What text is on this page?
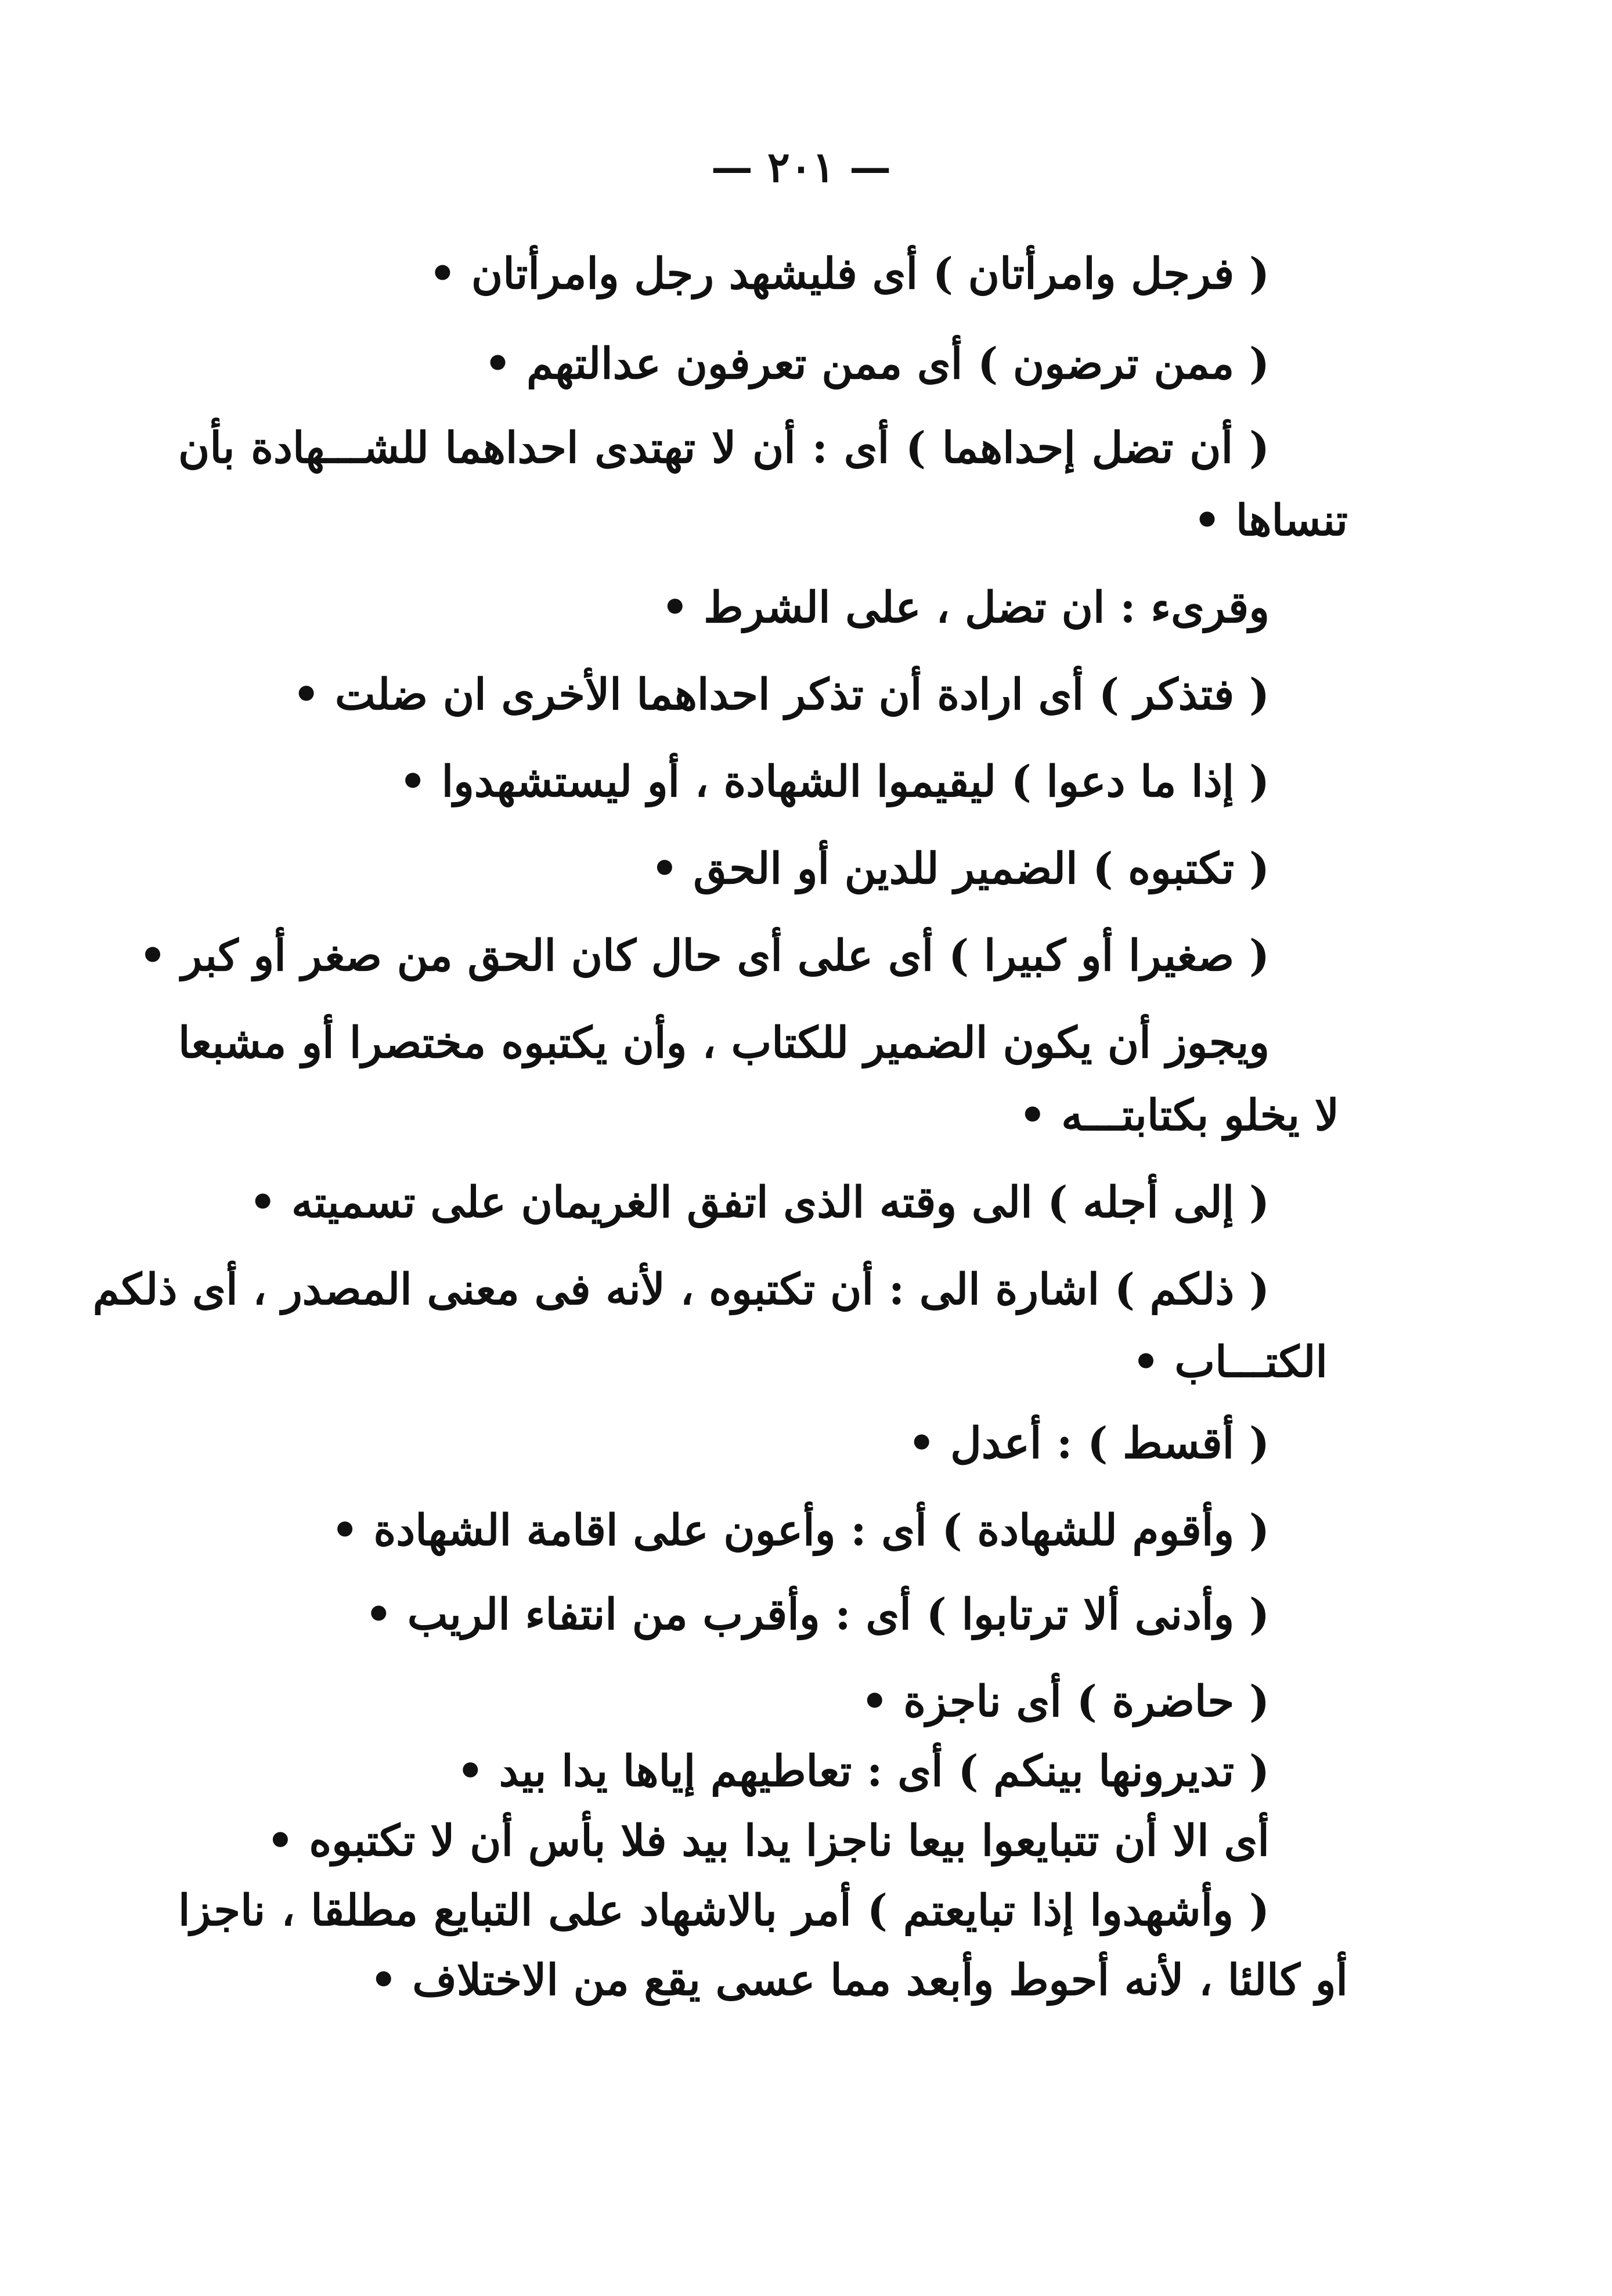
— ٢٠١ —
( فرجل وامرأتان ) أى فليشهد رجل وامرأتان •
( ممن ترضون ) أى ممن تعرفون عدالتهم •
( أن تضل إحداهما ) أى : أن لا تهتدى احداهما للشـــهادة بأن
تنساها •
وقرىء : ان تضل ، على الشرط •
( فتذكر ) أى ارادة أن تذكر احداهما الأخرى ان ضلت •
( إذا ما دعوا ) ليقيموا الشهادة ، أو ليستشهدوا •
( تكتبوه ) الضمير للدين أو الحق •
( صغيرا أو كبيرا ) أى على أى حال كان الحق من صغر أو كبر •
ويجوز أن يكون الضمير للكتاب ، وأن يكتبوه مختصرا أو مشبعا
لا يخلو بكتابتـــه •
( إلى أجله ) الى وقته الذى اتفق الغريمان على تسميته •
( ذلكم ) اشارة الى : أن تكتبوه ، لأنه فى معنى المصدر ، أى ذلكم
الكتـــاب •
( أقسط ) : أعدل •
( وأقوم للشهادة ) أى : وأعون على اقامة الشهادة •
( وأدنى ألا ترتابوا ) أى : وأقرب من انتفاء الريب •
( حاضرة ) أى ناجزة •
( تديرونها بينكم ) أى : تعاطيهم إياها يدا بيد •
أى الا أن تتبايعوا بيعا ناجزا يدا بيد فلا بأس أن لا تكتبوه •
( وأشهدوا إذا تبايعتم ) أمر بالاشهاد على التبايع مطلقا ، ناجزا
أو كالئا ، لأنه أحوط وأبعد مما عسى يقع من الاختلاف •
